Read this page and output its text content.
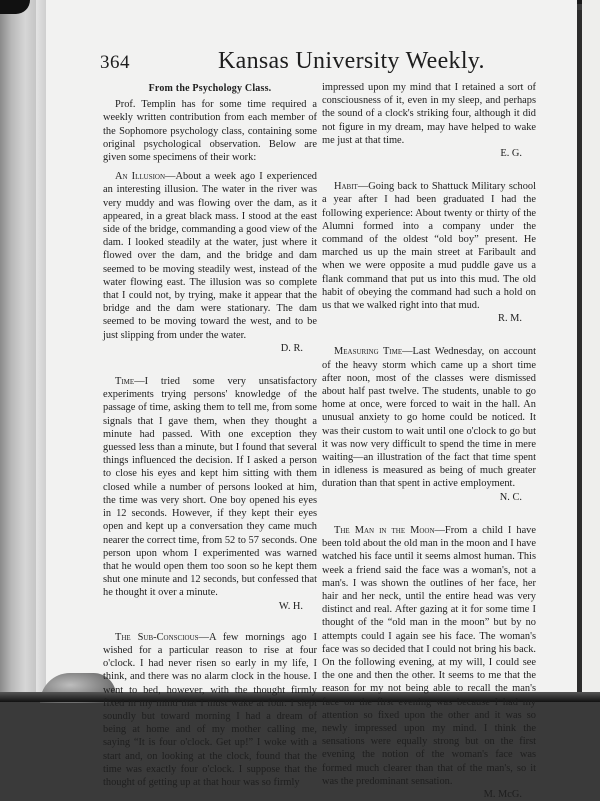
364	Kansas University Weekly.
From the Psychology Class.

Prof. Templin has for some time required a weekly written contribution from each member of the Sophomore psychology class, containing some original psychological observation. Below are given some specimens of their work:

An Illusion—About a week ago I experienced an interesting illusion. The water in the river was very muddy and was flowing over the dam, as it appeared, in a great black mass. I stood at the east side of the bridge, commanding a good view of the dam. I looked steadily at the water, just where it flowed over the dam, and the bridge and dam seemed to be moving steadily west, instead of the water flowing east. The illusion was so complete that I could not, by trying, make it appear that the bridge and the dam were stationary. The dam seemed to be moving toward the west, and to be just slipping from under the water.

D. R.

Time—I tried some very unsatisfactory experiments trying persons' knowledge of the passage of time, asking them to tell me, from some signals that I gave them, when they thought a minute had passed. With one exception they guessed less than a minute, but I found that several things influenced the decision. If I asked a person to close his eyes and kept him sitting with them closed while a number of persons looked at him, the time was very short. One boy opened his eyes in 12 seconds. However, if they kept their eyes open and kept up a conversation they came much nearer the correct time, from 52 to 57 seconds. One person upon whom I experimented was warned that he would open them too soon so he kept them shut one minute and 12 seconds, but confessed that he thought it over a minute.

W. H.

The Sub-Conscious—A few mornings ago I wished for a particular reason to rise at four o'clock. I had never risen so early in my life, I think, and there was no alarm clock in the house. I went to bed, however, with the thought firmly fixed in my mind that I must wake at four. I slept soundly but toward morning I had a dream of being at home and of my mother calling me, saying “It is four o'clock. Get up!” I woke with a start and, on looking at the clock, found that the time was exactly four o'clock. I suppose that the thought of getting up at that hour was so firmly

impressed upon my mind that I retained a sort of consciousness of it, even in my sleep, and perhaps the sound of a clock's striking four, although it did not figure in my dream, may have helped to wake me just at that time.

E. G.

Habit—Going back to Shattuck Military school a year after I had been graduated I had the following experience: About twenty or thirty of the Alumni formed into a company under the command of the oldest “old boy” present. He marched us up the main street at Faribault and when we were opposite a mud puddle gave us a flank command that put us into this mud. The old habit of obeying the command had such a hold on us that we walked right into that mud.

R. M.

Measuring Time—Last Wednesday, on account of the heavy storm which came up a short time after noon, most of the classes were dismissed about half past twelve. The students, unable to go home at once, were forced to wait in the hall. An unusual anxiety to go home could be noticed. It was their custom to wait until one o'clock to go but it was now very difficult to spend the time in mere waiting—an illustration of the fact that time spent in idleness is measured as being of much greater duration than that spent in active employment.

N. C.

The Man in the Moon—From a child I have been told about the old man in the moon and I have watched his face until it seems almost human. This week a friend said the face was a woman's, not a man's. I was shown the outlines of her face, her hair and her neck, until the entire head was very distinct and real. After gazing at it for some time I thought of the “old man in the moon” but by no attempts could I again see his face. The woman's face was so decided that I could not bring his back. On the following evening, at my will, I could see the one and then the other. It seems to me that the reason for my not being able to recall the man's face on the first evening was because I had my attention so fixed upon the other and it was so newly impressed upon my mind. I think the sensations were equally strong but on the first evening the notion of the woman's face was formed much clearer than that of the man's, so it was the predominant sensation.

M. McG.
